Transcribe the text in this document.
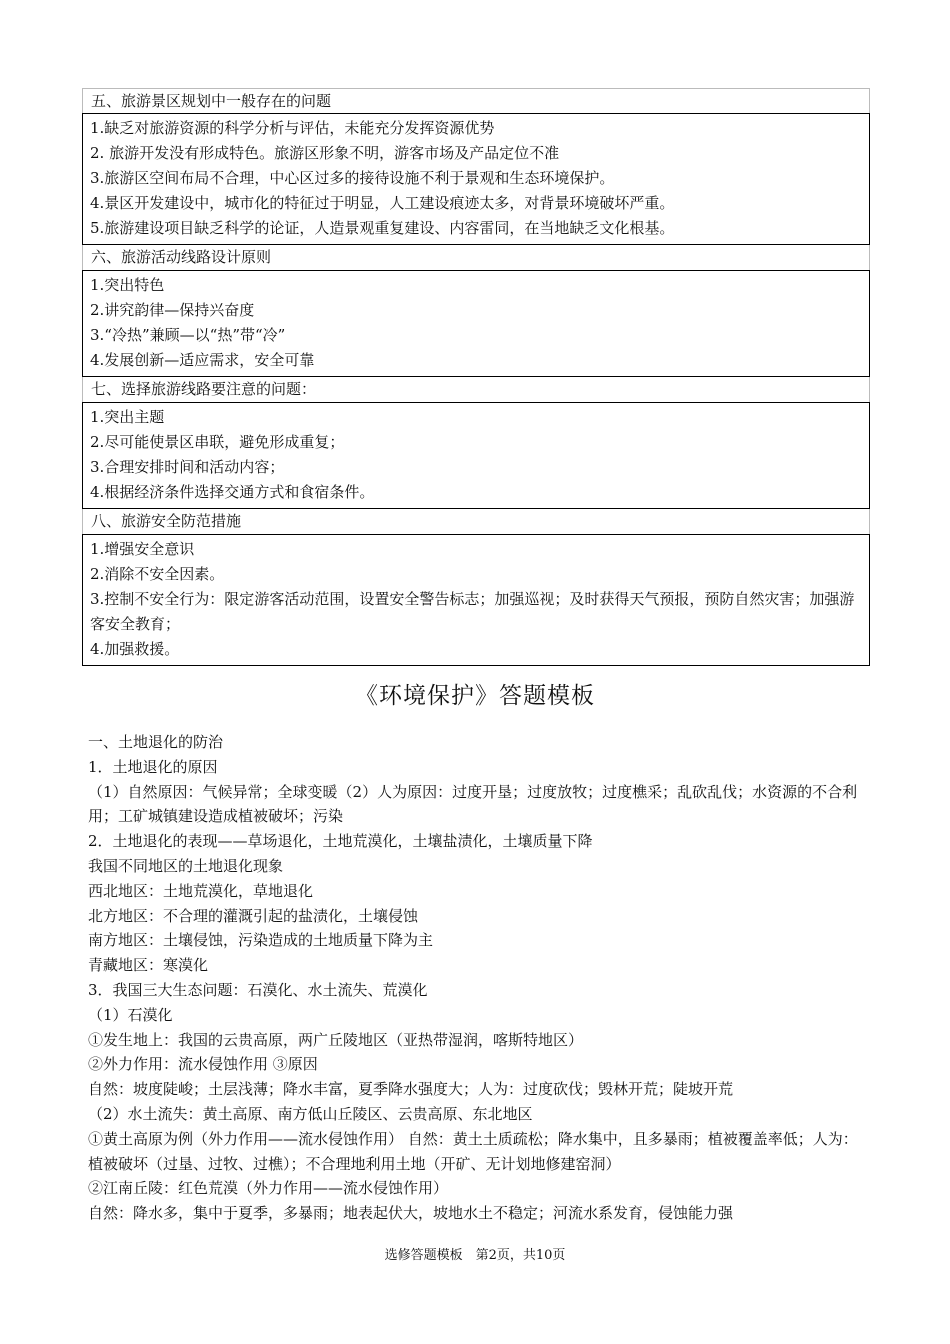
五、旅游景区规划中一般存在的问题
1.缺乏对旅游资源的科学分析与评估，未能充分发挥资源优势
2. 旅游开发没有形成特色。旅游区形象不明，游客市场及产品定位不准
3.旅游区空间布局不合理，中心区过多的接待设施不利于景观和生态环境保护。
4.景区开发建设中，城市化的特征过于明显，人工建设痕迹太多，对背景环境破坏严重。
5.旅游建设项目缺乏科学的论证，人造景观重复建设、内容雷同，在当地缺乏文化根基。
六、旅游活动线路设计原则
1.突出特色
2.讲究韵律—保持兴奋度
3.“冷热”兼顾—以“热”带“冷”
4.发展创新—适应需求，安全可靠
七、选择旅游线路要注意的问题：
1.突出主题
2.尽可能使景区串联，避免形成重复；
3.合理安排时间和活动内容；
4.根据经济条件选择交通方式和食宿条件。
八、旅游安全防范措施
1.增强安全意识
2.消除不安全因素。
3.控制不安全行为：限定游客活动范围，设置安全警告标志；加强巡视；及时获得天气预报，预防自然灾害；加强游客安全教育；
4.加强救援。
《环境保护》答题模板
一、土地退化的防治
1．土地退化的原因
（1）自然原因：气候异常；全球变暖（2）人为原因：过度开垦；过度放牧；过度樵采；乱砍乱伐；水资源的不合利用；工矿城镇建设造成植被破坏；污染
2．土地退化的表现——草场退化，土地荒漠化，土壤盐渍化，土壤质量下降
我国不同地区的土地退化现象
西北地区：土地荒漠化，草地退化
北方地区：不合理的灌溉引起的盐渍化，土壤侵蚀
南方地区：土壤侵蚀，污染造成的土地质量下降为主
青藏地区：寒漠化
3．我国三大生态问题：石漠化、水土流失、荒漠化
（1）石漠化
①发生地上：我国的云贵高原，两广丘陵地区（亚热带湿润，喀斯特地区）
②外力作用：流水侵蚀作用 ③原因
自然：坡度陡峻；土层浅薄；降水丰富，夏季降水强度大；人为：过度砍伐；毁林开荒；陡坡开荒
（2）水土流失：黄土高原、南方低山丘陵区、云贵高原、东北地区
①黄土高原为例（外力作用——流水侵蚀作用） 自然：黄土土质疏松；降水集中，且多暴雨；植被覆盖率低；人为：植被破坏（过垦、过牧、过樵）；不合理地利用土地（开矿、无计划地修建窑洞）
②江南丘陵：红色荒漠（外力作用——流水侵蚀作用）
自然：降水多，集中于夏季，多暴雨；地表起伏大，坡地水土不稳定；河流水系发育，侵蚀能力强
选修答题模板　第2页，共10页
